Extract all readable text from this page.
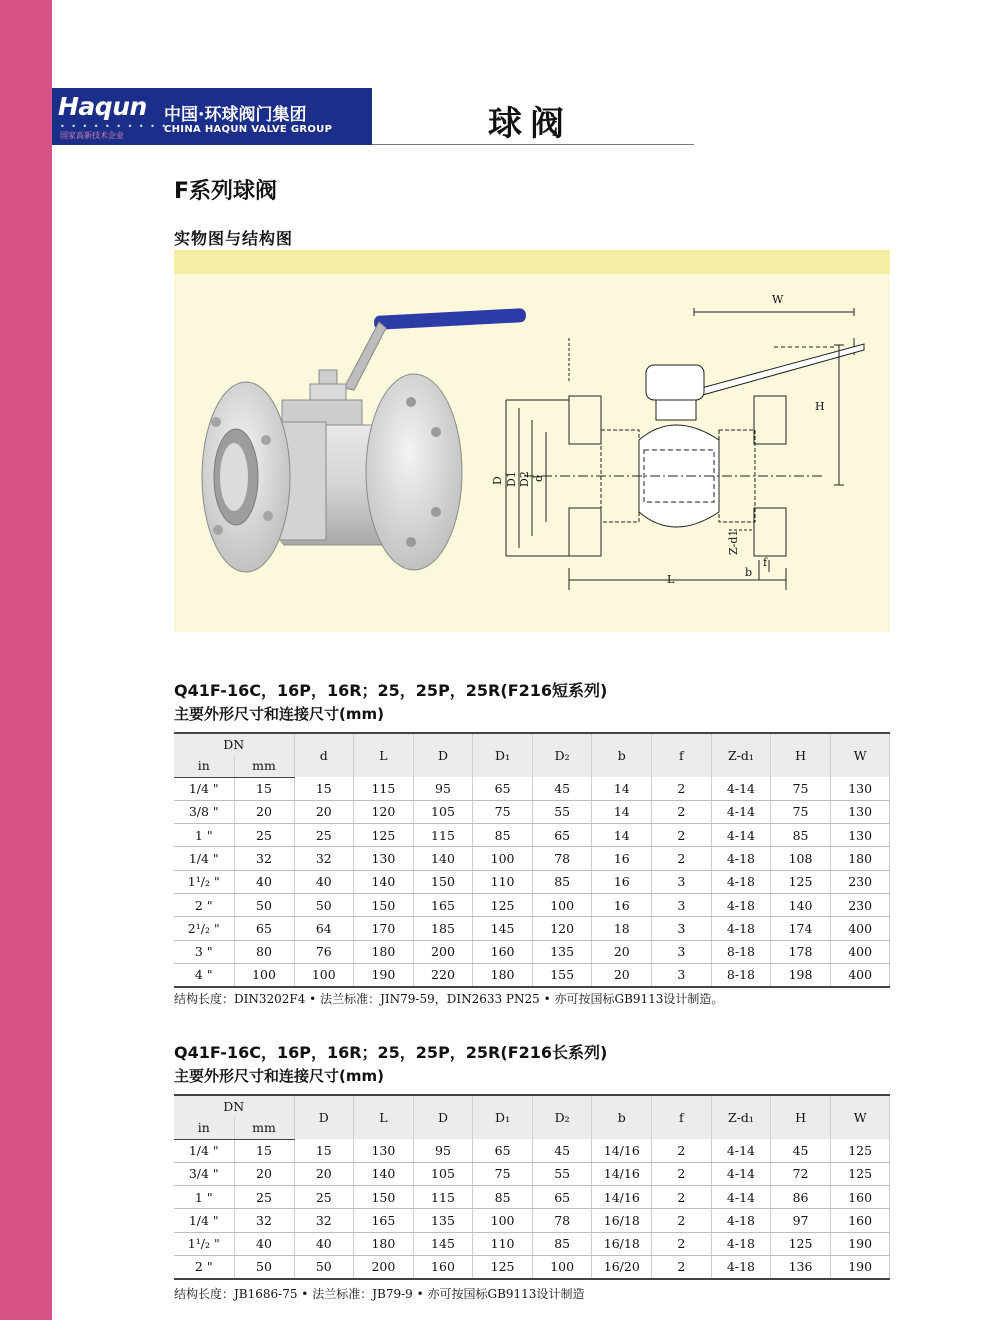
Haqun
• • • • • • • • • •
国家高新技术企业
中国·环球阀门集团
CHINA HAQUN VALVE GROUP	球阀
F系列球阀
实物图与结构图
W
H
D D1 D2 d
L
Z-d1
b
f
Q41F-16C，16P，16R；25，25P，25R(F216短系列)
主要外形尺寸和连接尺寸(mm)
DN		d	L	D	D₁	D₂	b	f	Z-d₁	H	W
in	mm										
1/4 "	15	15	115	95	65	45	14	2	4-14	75	130
3/8 "	20	20	120	105	75	55	14	2	4-14	75	130
1 "	25	25	125	115	85	65	14	2	4-14	85	130
1/4 "	32	32	130	140	100	78	16	2	4-18	108	180
1¹/₂ "	40	40	140	150	110	85	16	3	4-18	125	230
2 "	50	50	150	165	125	100	16	3	4-18	140	230
2¹/₂ "	65	64	170	185	145	120	18	3	4-18	174	400
3 "	80	76	180	200	160	135	20	3	8-18	178	400
4 "	100	100	190	220	180	155	20	3	8-18	198	400
结构长度：DIN3202F4 • 法兰标准：JIN79-59，DIN2633 PN25 • 亦可按国标GB9113设计制造。
Q41F-16C，16P，16R；25，25P，25R(F216长系列)
主要外形尺寸和连接尺寸(mm)
DN		D	L	D	D₁	D₂	b	f	Z-d₁	H	W
in	mm										
1/4 "	15	15	130	95	65	45	14/16	2	4-14	45	125
3/4 "	20	20	140	105	75	55	14/16	2	4-14	72	125
1 "	25	25	150	115	85	65	14/16	2	4-14	86	160
1/4 "	32	32	165	135	100	78	16/18	2	4-18	97	160
1¹/₂ "	40	40	180	145	110	85	16/18	2	4-18	125	190
2 "	50	50	200	160	125	100	16/20	2	4-18	136	190
结构长度：JB1686-75 • 法兰标准：JB79-9 • 亦可按国标GB9113设计制造
